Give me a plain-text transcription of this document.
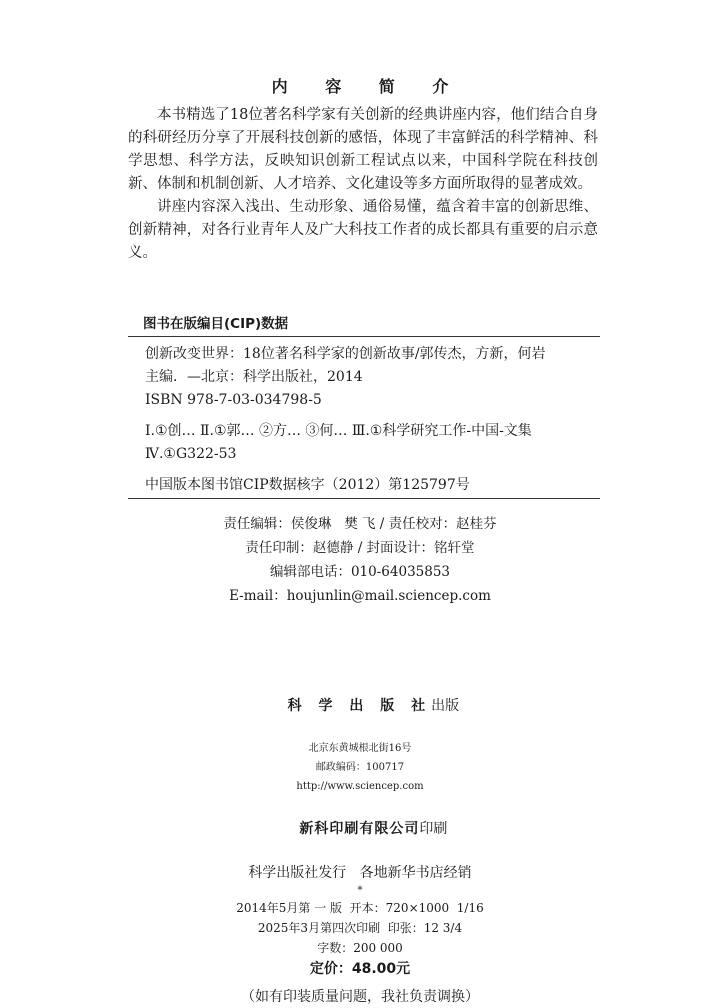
内 容 简 介

本书精选了18位著名科学家有关创新的经典讲座内容，他们结合自身的科研经历分享了开展科技创新的感悟，体现了丰富鲜活的科学精神、科学思想、科学方法，反映知识创新工程试点以来，中国科学院在科技创新、体制和机制创新、人才培养、文化建设等多方面所取得的显著成效。

讲座内容深入浅出、生动形象、通俗易懂，蕴含着丰富的创新思维、创新精神，对各行业青年人及广大科技工作者的成长都具有重要的启示意义。

图书在版编目(CIP)数据
创新改变世界：18位著名科学家的创新故事/郭传杰，方新，何岩
主编．—北京：科学出版社，2014
ISBN 978-7-03-034798-5
Ⅰ.①创… Ⅱ.①郭… ②方… ③何… Ⅲ.①科学研究工作-中国-文集
Ⅳ.①G322-53
中国版本图书馆CIP数据核字（2012）第125797号
责任编辑：侯俊琳   樊 飞 / 责任校对：赵桂芬
责任印制：赵德静 / 封面设计：铭轩堂
编辑部电话：010-64035853
E-mail：houjunlin@mail.sciencep.com

科 学 出 版 社出版

北京东黄城根北街16号
邮政编码：100717
http://www.sciencep.com

新科印刷有限公司印刷

科学出版社发行   各地新华书店经销
*
2014年5月第 一 版  开本：720×1000  1/16
2025年3月第四次印刷  印张：12 3/4
字数：200 000
定价：48.00元
（如有印装质量问题，我社负责调换）
